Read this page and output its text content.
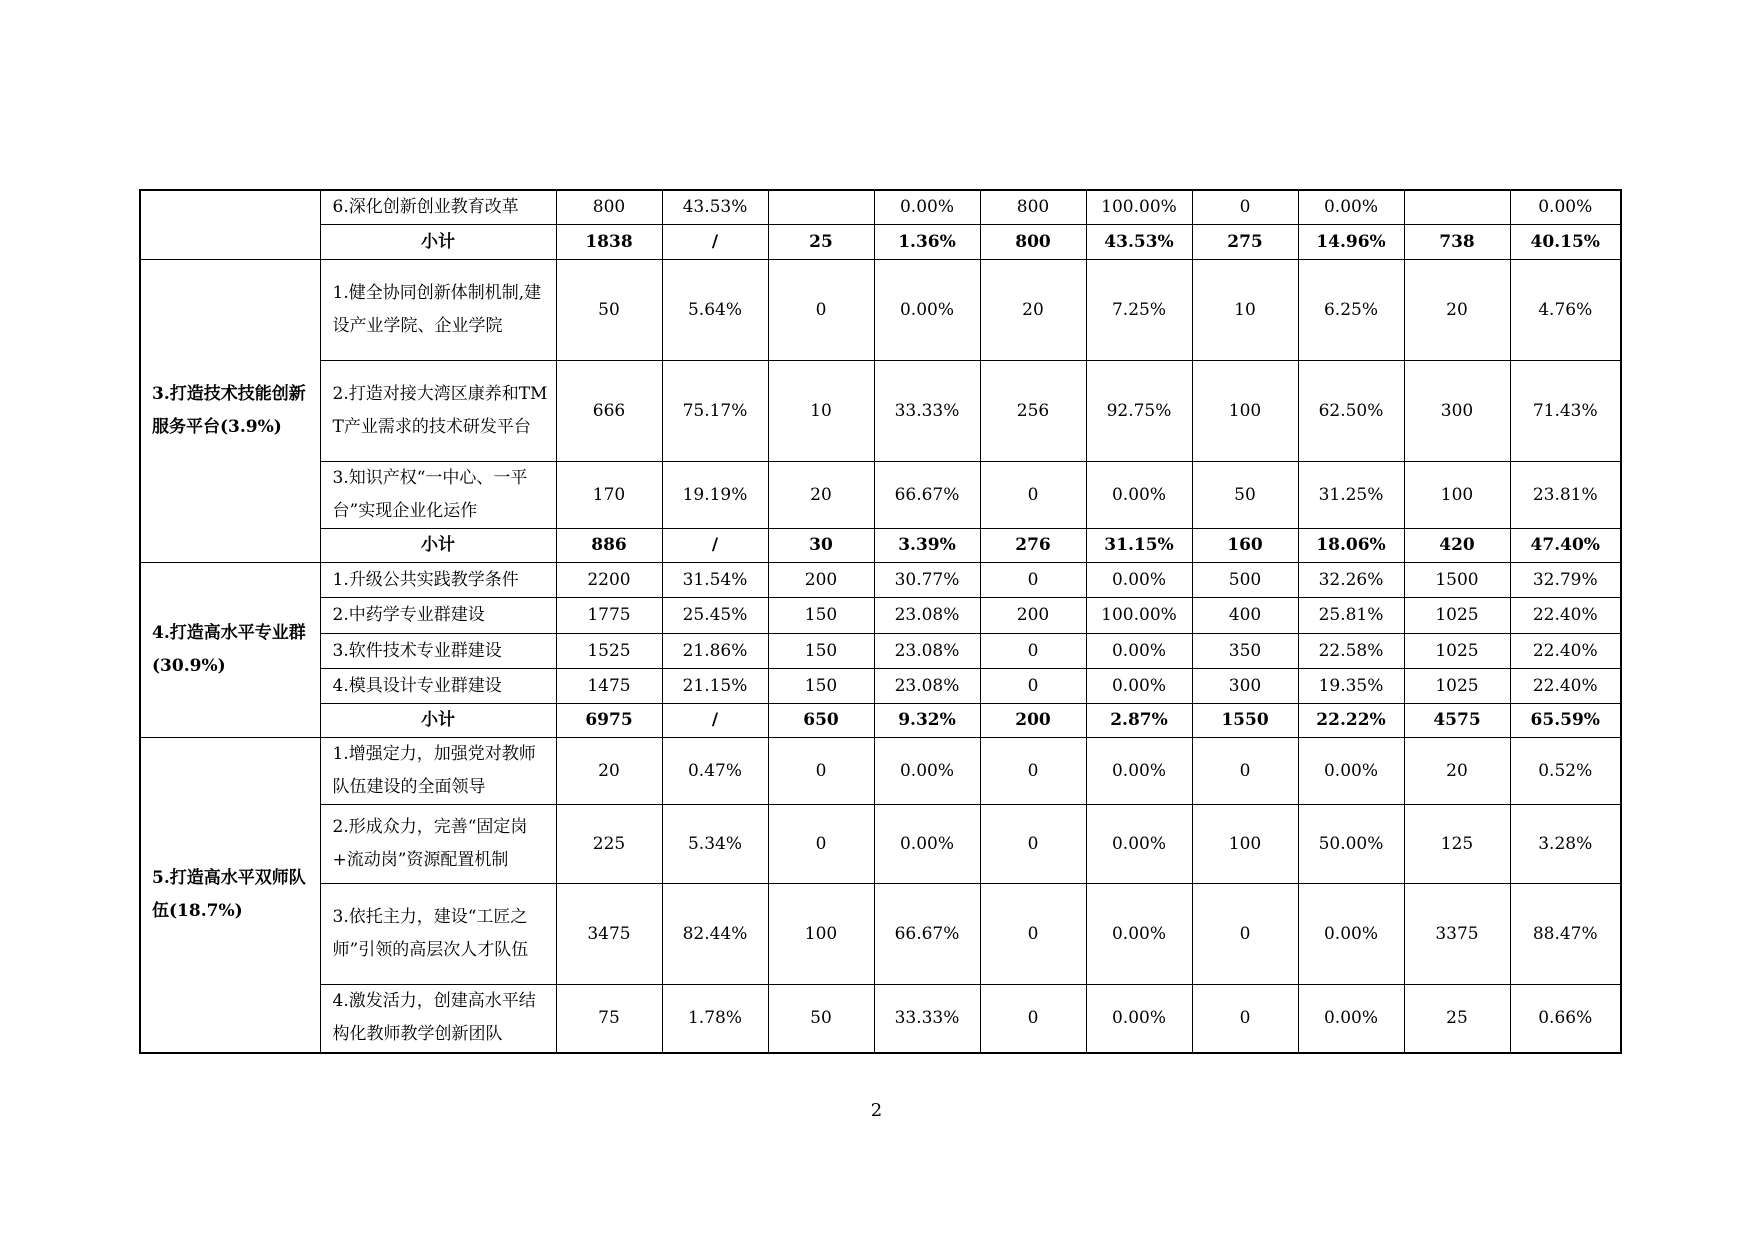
	6.深化创新创业教育改革	800	43.53%		0.00%	800	100.00%	0	0.00%		0.00%
	小计	1838	/	25	1.36%	800	43.53%	275	14.96%	738	40.15%
3.打造技术技能创新服务平台(3.9%)	1.健全协同创新体制机制,建设产业学院、企业学院	50	5.64%	0	0.00%	20	7.25%	10	6.25%	20	4.76%
	2.打造对接大湾区康养和TMT产业需求的技术研发平台	666	75.17%	10	33.33%	256	92.75%	100	62.50%	300	71.43%
	3.知识产权“一中心、一平台”实现企业化运作	170	19.19%	20	66.67%	0	0.00%	50	31.25%	100	23.81%
	小计	886	/	30	3.39%	276	31.15%	160	18.06%	420	47.40%
4.打造高水平专业群(30.9%)	1.升级公共实践教学条件	2200	31.54%	200	30.77%	0	0.00%	500	32.26%	1500	32.79%
	2.中药学专业群建设	1775	25.45%	150	23.08%	200	100.00%	400	25.81%	1025	22.40%
	3.软件技术专业群建设	1525	21.86%	150	23.08%	0	0.00%	350	22.58%	1025	22.40%
	4.模具设计专业群建设	1475	21.15%	150	23.08%	0	0.00%	300	19.35%	1025	22.40%
	小计	6975	/	650	9.32%	200	2.87%	1550	22.22%	4575	65.59%
5.打造高水平双师队伍(18.7%)	1.增强定力，加强党对教师队伍建设的全面领导	20	0.47%	0	0.00%	0	0.00%	0	0.00%	20	0.52%
	2.形成众力，完善“固定岗+流动岗”资源配置机制	225	5.34%	0	0.00%	0	0.00%	100	50.00%	125	3.28%
	3.依托主力，建设“工匠之师”引领的高层次人才队伍	3475	82.44%	100	66.67%	0	0.00%	0	0.00%	3375	88.47%
	4.激发活力，创建高水平结构化教师教学创新团队	75	1.78%	50	33.33%	0	0.00%	0	0.00%	25	0.66%
2
